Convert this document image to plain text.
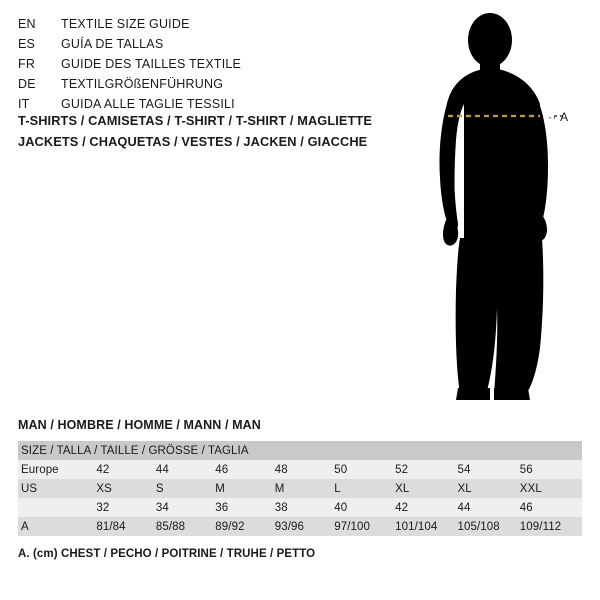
EN	TEXTILE SIZE GUIDE
ES	GUÍA DE TALLAS
FR	GUIDE DES TAILLES TEXTILE
DE	TEXTILGRÖßENFÜHRUNG
IT	GUIDA ALLE TAGLIE TESSILI
T-SHIRTS / CAMISETAS / T-SHIRT / T-SHIRT / MAGLIETTE
JACKETS / CHAQUETAS / VESTES / JACKEN / GIACCHE
·· A
MAN / HOMBRE / HOMME / MANN / MAN
SIZE / TALLA / TAILLE / GRÖSSE / TAGLIA								
Europe	42	44	46	48	50	52	54	56
US	XS	S	M	M	L	XL	XL	XXL
	32	34	36	38	40	42	44	46
A	81/84	85/88	89/92	93/96	97/100	101/104	105/108	109/112
A. (cm) CHEST / PECHO / POITRINE / TRUHE / PETTO
